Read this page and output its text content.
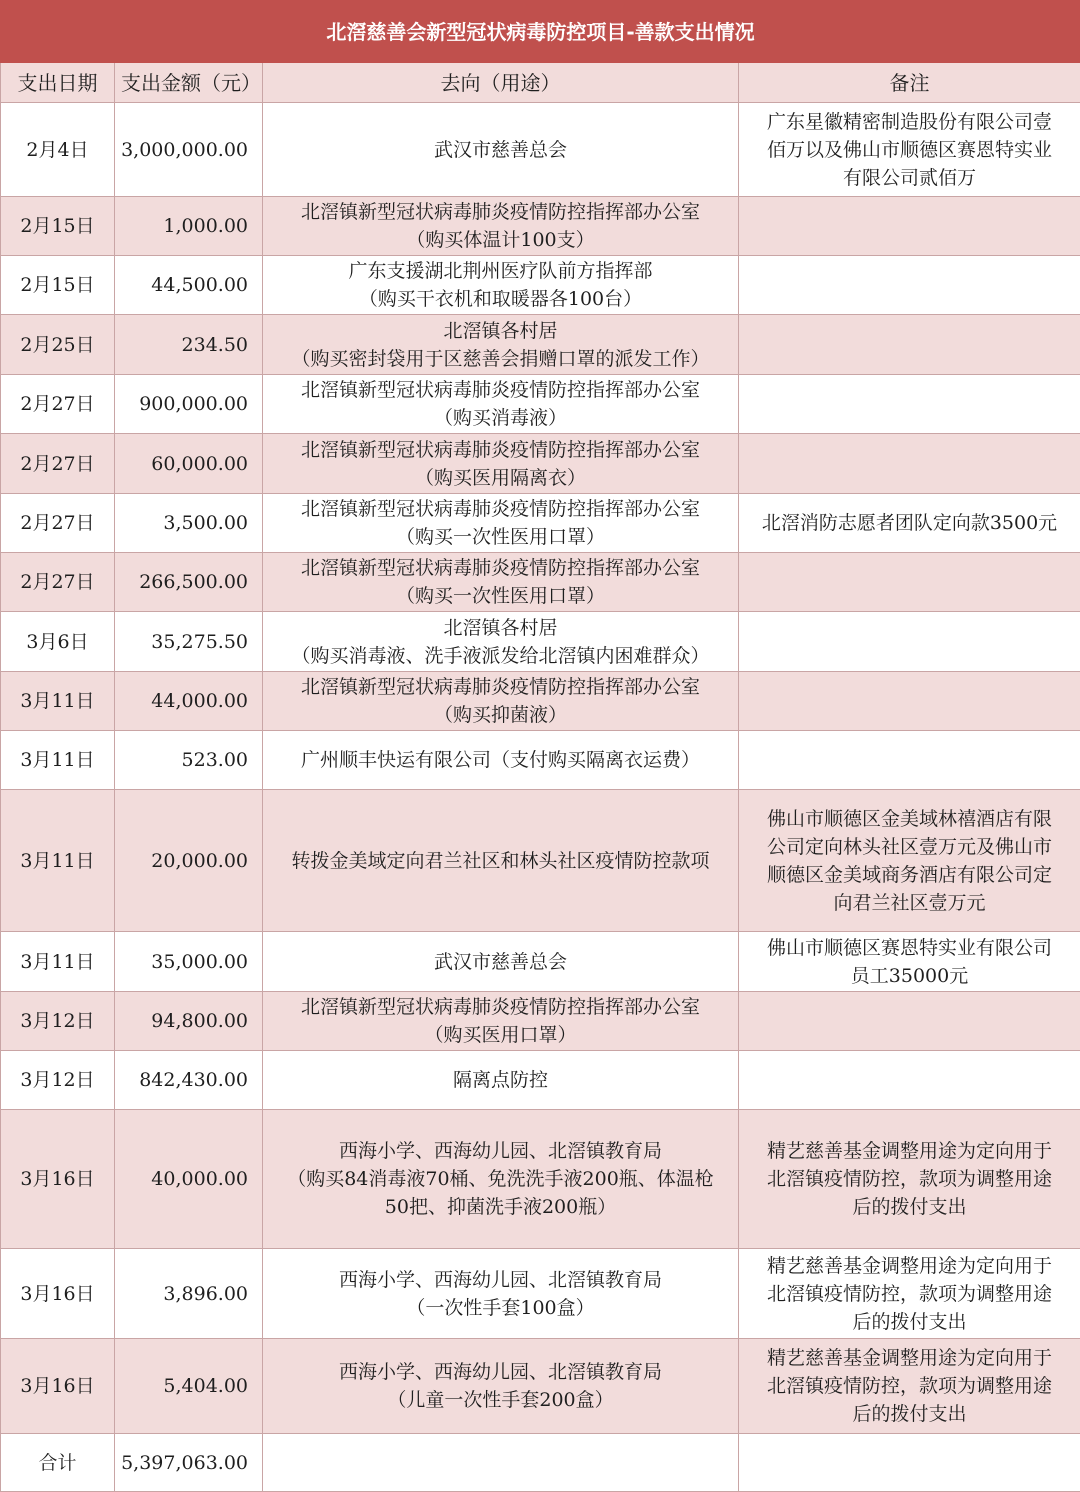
北滘慈善会新型冠状病毒防控项目-善款支出情况			
支出日期	支出金额（元）	去向（用途）	备注

2月4日	3,000,000.00	武汉市慈善总会	广东星徽精密制造股份有限公司壹
佰万以及佛山市顺德区赛恩特实业
有限公司贰佰万

2月15日	1,000.00	北滘镇新型冠状病毒肺炎疫情防控指挥部办公室
（购买体温计100支）	

2月15日	44,500.00	广东支援湖北荆州医疗队前方指挥部
（购买干衣机和取暖器各100台）	

2月25日	234.50	北滘镇各村居
（购买密封袋用于区慈善会捐赠口罩的派发工作）	

2月27日	900,000.00	北滘镇新型冠状病毒肺炎疫情防控指挥部办公室
（购买消毒液）	

2月27日	60,000.00	北滘镇新型冠状病毒肺炎疫情防控指挥部办公室
（购买医用隔离衣）	

2月27日	3,500.00	北滘镇新型冠状病毒肺炎疫情防控指挥部办公室
（购买一次性医用口罩）	北滘消防志愿者团队定向款3500元

2月27日	266,500.00	北滘镇新型冠状病毒肺炎疫情防控指挥部办公室
（购买一次性医用口罩）	

3月6日	35,275.50	北滘镇各村居
（购买消毒液、洗手液派发给北滘镇内困难群众）	

3月11日	44,000.00	北滘镇新型冠状病毒肺炎疫情防控指挥部办公室
（购买抑菌液）	

3月11日	523.00	广州顺丰快运有限公司（支付购买隔离衣运费）	

3月11日	20,000.00	转拨金美域定向君兰社区和林头社区疫情防控款项	佛山市顺德区金美域林禧酒店有限
公司定向林头社区壹万元及佛山市
顺德区金美域商务酒店有限公司定
向君兰社区壹万元

3月11日	35,000.00	武汉市慈善总会	佛山市顺德区赛恩特实业有限公司
员工35000元

3月12日	94,800.00	北滘镇新型冠状病毒肺炎疫情防控指挥部办公室
（购买医用口罩）	

3月12日	842,430.00	隔离点防控	

3月16日	40,000.00	西海小学、西海幼儿园、北滘镇教育局
（购买84消毒液70桶、免洗洗手液200瓶、体温枪
50把、抑菌洗手液200瓶）	精艺慈善基金调整用途为定向用于
北滘镇疫情防控，款项为调整用途
后的拨付支出

3月16日	3,896.00	西海小学、西海幼儿园、北滘镇教育局
（一次性手套100盒）	精艺慈善基金调整用途为定向用于
北滘镇疫情防控，款项为调整用途
后的拨付支出

3月16日	5,404.00	西海小学、西海幼儿园、北滘镇教育局
（儿童一次性手套200盒）	精艺慈善基金调整用途为定向用于
北滘镇疫情防控，款项为调整用途
后的拨付支出

合计	5,397,063.00		
